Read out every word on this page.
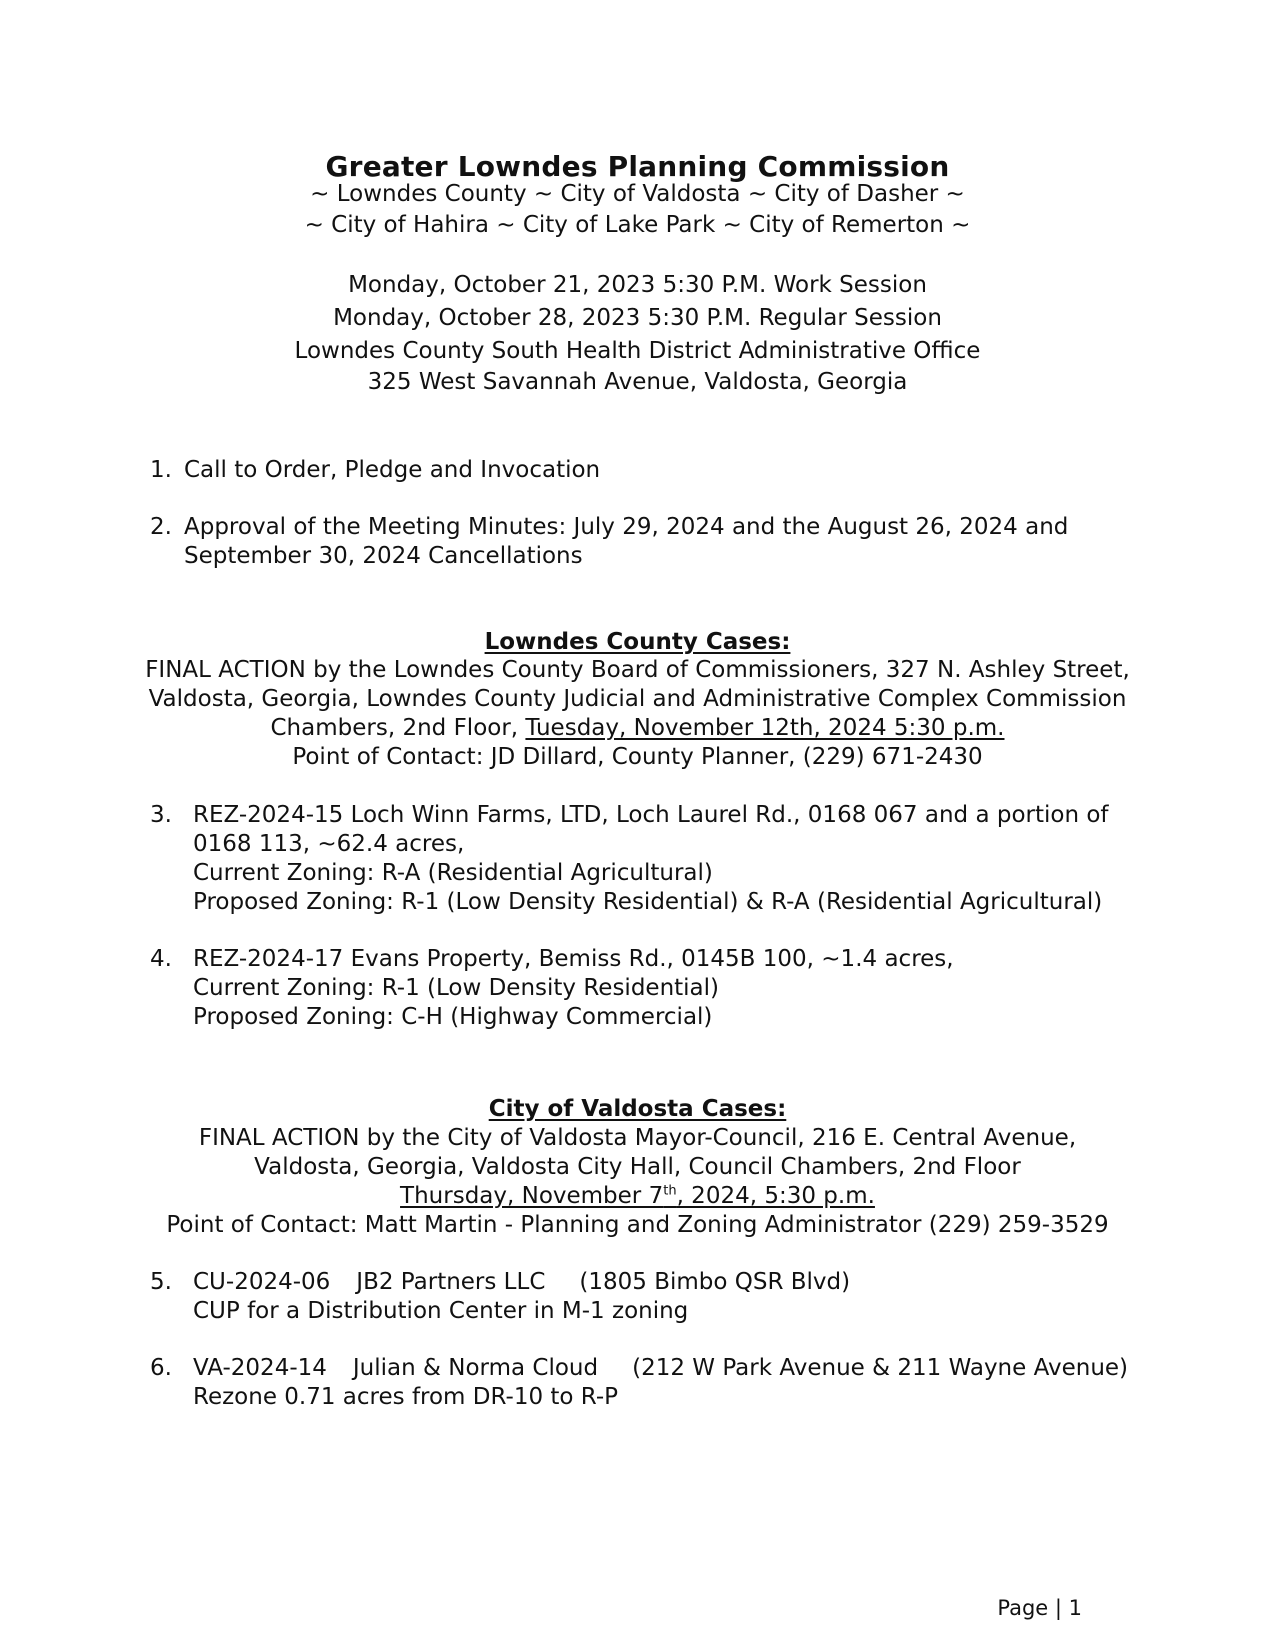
Greater Lowndes Planning Commission

~ Lowndes County ~ City of Valdosta ~ City of Dasher ~

~ City of Hahira ~ City of Lake Park ~ City of Remerton ~

Monday, October 21, 2023 5:30 P.M. Work Session

Monday, October 28, 2023 5:30 P.M. Regular Session

Lowndes County South Health District Administrative Office

325 West Savannah Avenue, Valdosta, Georgia

1. Call to Order, Pledge and Invocation
2. Approval of the Meeting Minutes: July 29, 2024 and the August 26, 2024 and
September 30, 2024 Cancellations

Lowndes County Cases:

FINAL ACTION by the Lowndes County Board of Commissioners, 327 N. Ashley Street,

Valdosta, Georgia, Lowndes County Judicial and Administrative Complex Commission

Chambers, 2nd Floor, Tuesday, November 12th, 2024 5:30 p.m.

Point of Contact: JD Dillard, County Planner, (229) 671-2430

3. REZ-2024-15 Loch Winn Farms, LTD, Loch Laurel Rd., 0168 067 and a portion of
0168 113, ~62.4 acres,
Current Zoning: R-A (Residential Agricultural)
Proposed Zoning: R-1 (Low Density Residential) & R-A (Residential Agricultural)
4. REZ-2024-17 Evans Property, Bemiss Rd., 0145B 100, ~1.4 acres,
Current Zoning: R-1 (Low Density Residential)
Proposed Zoning: C-H (Highway Commercial)

City of Valdosta Cases:

FINAL ACTION by the City of Valdosta Mayor-Council, 216 E. Central Avenue,

Valdosta, Georgia, Valdosta City Hall, Council Chambers, 2nd Floor

Thursday, November 7th, 2024, 5:30 p.m.

Point of Contact: Matt Martin - Planning and Zoning Administrator (229) 259-3529

5. CU-2024-06 JB2 Partners LLC (1805 Bimbo QSR Blvd)
CUP for a Distribution Center in M-1 zoning
6. VA-2024-14 Julian & Norma Cloud (212 W Park Avenue & 211 Wayne Avenue)
Rezone 0.71 acres from DR-10 to R-P
Page | 1
